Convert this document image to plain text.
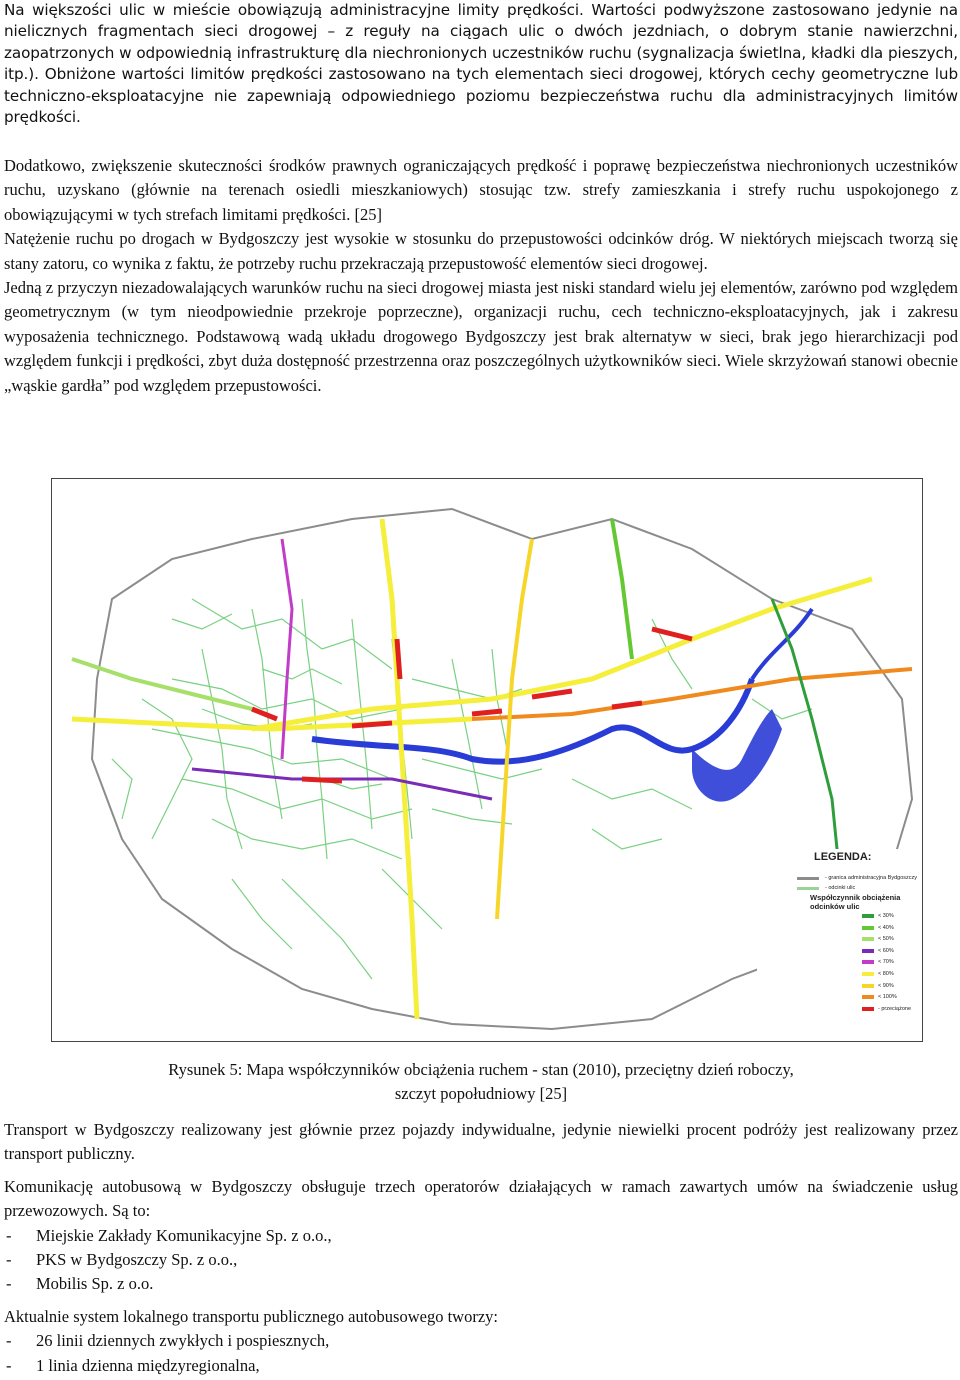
Na większości ulic w mieście obowiązują administracyjne limity prędkości. Wartości podwyższone zastosowano jedynie na nielicznych fragmentach sieci drogowej – z reguły na ciągach ulic o dwóch jezdniach, o dobrym stanie nawierzchni, zaopatrzonych w odpowiednią infrastrukturę dla niechronionych uczestników ruchu (sygnalizacja świetlna, kładki dla pieszych, itp.). Obniżone wartości limitów prędkości zastosowano na tych elementach sieci drogowej, których cechy geometryczne lub techniczno-eksploatacyjne nie zapewniają odpowiedniego poziomu bezpieczeństwa ruchu dla administracyjnych limitów prędkości.

Dodatkowo, zwiększenie skuteczności środków prawnych ograniczających prędkość i poprawę bezpieczeństwa niechronionych uczestników ruchu, uzyskano (głównie na terenach osiedli mieszkaniowych) stosując tzw. strefy zamieszkania i strefy ruchu uspokojonego z obowiązującymi w tych strefach limitami prędkości. [25]

Natężenie ruchu po drogach w Bydgoszczy jest wysokie w stosunku do przepustowości odcinków dróg. W niektórych miejscach tworzą się stany zatoru, co wynika z faktu, że potrzeby ruchu przekraczają przepustowość elementów sieci drogowej.

Jedną z przyczyn niezadowalających warunków ruchu na sieci drogowej miasta jest niski standard wielu jej elementów, zarówno pod względem geometrycznym (w tym nieodpowiednie przekroje poprzeczne), organizacji ruchu, cech techniczno-eksploatacyjnych, jak i zakresu wyposażenia technicznego. Podstawową wadą układu drogowego Bydgoszczy jest brak alternatyw w sieci, brak jego hierarchizacji pod względem funkcji i prędkości, zbyt duża dostępność przestrzenna oraz poszczególnych użytkowników sieci. Wiele skrzyżowań stanowi obecnie „wąskie gardła” pod względem przepustowości.

LEGENDA:
- granica administracyjna Bydgoszczy
- odcinki ulic
Współczynnik obciążenia odcinków ulic
< 30%
< 40%
< 50%
< 60%
< 70%
< 80%
< 90%
< 100%
- przeciążone
Rysunek 5: Mapa współczynników obciążenia ruchem - stan (2010), przeciętny dzień roboczy,
szczyt popołudniowy [25]

Transport w Bydgoszczy realizowany jest głównie przez pojazdy indywidualne, jedynie niewielki procent podróży jest realizowany przez transport publiczny.

Komunikację autobusową w Bydgoszczy obsługuje trzech operatorów działających w ramach zawartych umów na świadczenie usług przewozowych. Są to:

- Miejskie Zakłady Komunikacyjne Sp. z o.o.,
- PKS w Bydgoszczy Sp. z o.o.,
- Mobilis Sp. z o.o.

Aktualnie system lokalnego transportu publicznego autobusowego tworzy:

- 26 linii dziennych zwykłych i pospiesznych,
- 1 linia dzienna międzyregionalna,
